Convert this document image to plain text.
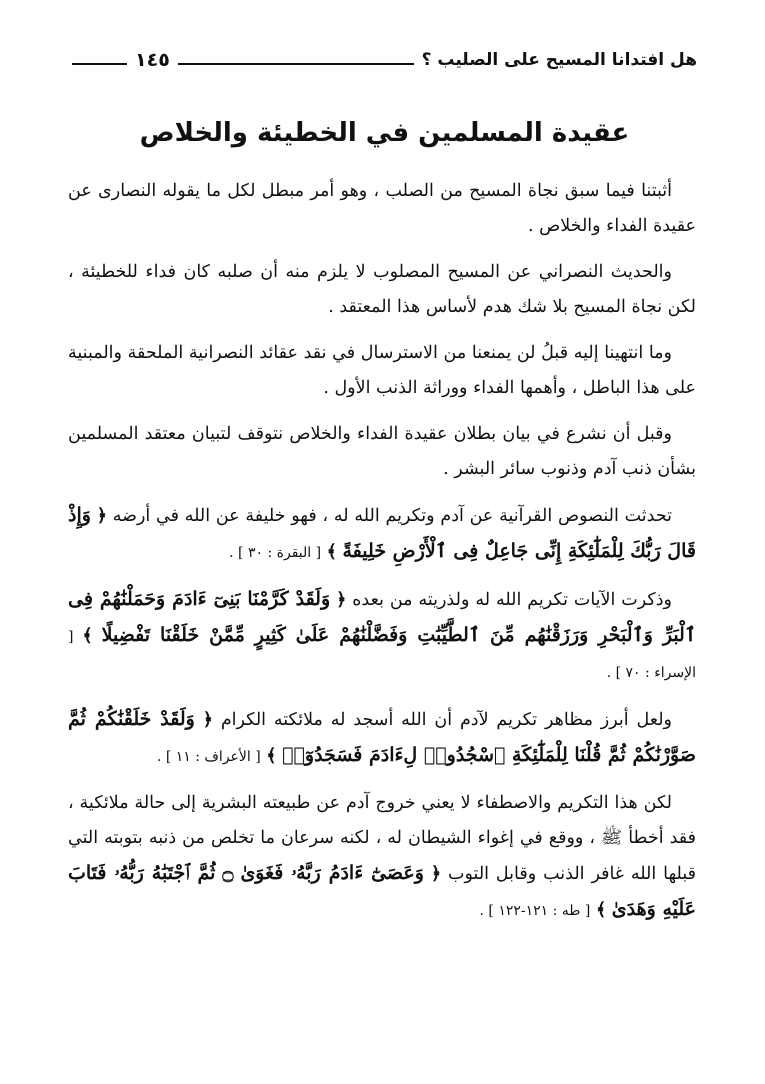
هل افتدانا المسيح على الصليب ؟
١٤٥
عقيدة المسلمين في الخطيئة والخلاص

أثبتنا فيما سبق نجاة المسيح من الصلب ، وهو أمر مبطل لكل ما يقوله النصارى عن عقيدة الفداء والخلاص .

والحديث النصراني عن المسيح المصلوب لا يلزم منه أن صلبه كان فداء للخطيئة ، لكن نجاة المسيح بلا شك هدم لأساس هذا المعتقد .

وما انتهينا إليه قبلُ لن يمنعنا من الاسترسال في نقد عقائد النصرانية الملحقة والمبنية على هذا الباطل ، وأهمها الفداء ووراثة الذنب الأول .

وقبل أن نشرع في بيان بطلان عقيدة الفداء والخلاص نتوقف لتبيان معتقد المسلمين بشأن ذنب آدم وذنوب سائر البشر .

تحدثت النصوص القرآنية عن آدم وتكريم الله له ، فهو خليفة عن الله في أرضه ﴿ وَإِذْ قَالَ رَبُّكَ لِلْمَلَٰٓئِكَةِ إِنِّى جَاعِلٌ فِى ٱلْأَرْضِ خَلِيفَةً ﴾ [ البقرة : ٣٠ ] .

وذكرت الآيات تكريم الله له ولذريته من بعده ﴿ وَلَقَدْ كَرَّمْنَا بَنِىٓ ءَادَمَ وَحَمَلْنَٰهُمْ فِى ٱلْبَرِّ وَٱلْبَحْرِ وَرَزَقْنَٰهُم مِّنَ ٱلطَّيِّبَٰتِ وَفَضَّلْنَٰهُمْ عَلَىٰ كَثِيرٍ مِّمَّنْ خَلَقْنَا تَفْضِيلًا ﴾ [ الإسراء : ٧٠ ] .

ولعل أبرز مظاهر تكريم لآدم أن الله أسجد له ملائكته الكرام ﴿ وَلَقَدْ خَلَقْنَٰكُمْ ثُمَّ صَوَّرْنَٰكُمْ ثُمَّ قُلْنَا لِلْمَلَٰٓئِكَةِ ٱسْجُدُوا۟ لِءَادَمَ فَسَجَدُوٓا۟ ﴾ [ الأعراف : ١١ ] .

لكن هذا التكريم والاصطفاء لا يعني خروج آدم عن طبيعته البشرية إلى حالة ملائكية ، فقد أخطأ ﷺ ، ووقع في إغواء الشيطان له ، لكنه سرعان ما تخلص من ذنبه بتوبته التي قبلها الله غافر الذنب وقابل التوب ﴿ وَعَصَىٰٓ ءَادَمُ رَبَّهُۥ فَغَوَىٰ ۝ ثُمَّ ٱجْتَبَٰهُ رَبُّهُۥ فَتَابَ عَلَيْهِ وَهَدَىٰ ﴾ [ طه : ١٢١-١٢٢ ] .
